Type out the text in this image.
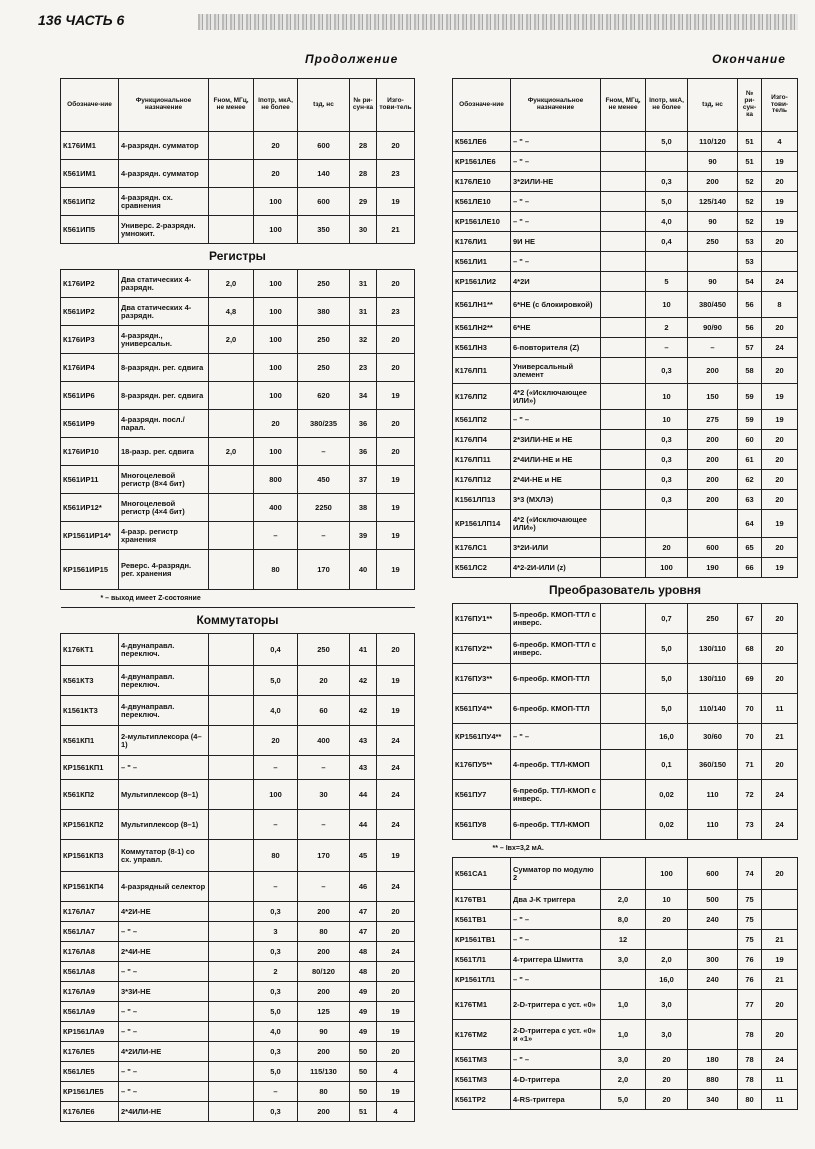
136 ЧАСТЬ 6
Продолжение	Окончание
Обозначе-ние	Функциональное назначение	Fном, МГц, не менее	Iпотр, мкА, не более	tзд, нс	№ ри-сун-ка	Изго-тови-тель
К176ИМ1	4-разрядн. сумматор		20	600	28	20
К561ИМ1	4-разрядн. сумматор		20	140	28	23
К561ИП2	4-разрядн. сх. сравнения		100	600	29	19
К561ИП5	Универс. 2-разрядн. умножит.		100	350	30	21
Регистры						
К176ИР2	Два статических 4-разрядн.	2,0	100	250	31	20
К561ИР2	Два статических 4-разрядн.	4,8	100	380	31	23
К176ИР3	4-разрядн., универсальн.	2,0	100	250	32	20
К176ИР4	8-разрядн. рег. сдвига		100	250	23	20
К561ИР6	8-разрядн. рег. сдвига		100	620	34	19
К561ИР9	4-разрядн. посл./парал.		20	380/235	36	20
К176ИР10	18-разр. рег. сдвига	2,0	100	–	36	20
К561ИР11	Многоцелевой регистр (8×4 бит)		800	450	37	19
К561ИР12*	Многоцелевой регистр (4×4 бит)		400	2250	38	19
КР1561ИР14*	4-разр. регистр хранения		–	–	39	19
КР1561ИР15	Реверс. 4-разрядн. рег. хранения		80	170	40	19
* – выход имеет Z-состояние						
Коммутаторы						
К176КТ1	4-двунаправл. переключ.		0,4	250	41	20
К561КТ3	4-двунаправл. переключ.		5,0	20	42	19
К1561КТ3	4-двунаправл. переключ.		4,0	60	42	19
К561КП1	2-мультиплексора (4–1)		20	400	43	24
КР1561КП1	– " –		–	–	43	24
К561КП2	Мультиплексор (8–1)		100	30	44	24
КР1561КП2	Мультиплексор (8–1)		–	–	44	24
КР1561КП3	Коммутатор (8-1) со сх. управл.		80	170	45	19
КР1561КП4	4-разрядный селектор		–	–	46	24
К176ЛА7	4*2И-НЕ		0,3	200	47	20
К561ЛА7	– " –		3	80	47	20
К176ЛА8	2*4И-НЕ		0,3	200	48	24
К561ЛА8	– " –		2	80/120	48	20
К176ЛА9	3*3И-НЕ		0,3	200	49	20
К561ЛА9	– " –		5,0	125	49	19
КР1561ЛА9	– " –		4,0	90	49	19
К176ЛЕ5	4*2ИЛИ-НЕ		0,3	200	50	20
К561ЛЕ5	– " –		5,0	115/130	50	4
КР1561ЛЕ5	– " –		–	80	50	19
К176ЛЕ6	2*4ИЛИ-НЕ		0,3	200	51	4
Обозначе-ние	Функциональное назначение	Fном, МГц, не менее	Iпотр, мкА, не более	tзд, нс	№ ри-сун-ка	Изго-тови-тель
К561ЛЕ6	– " –		5,0	110/120	51	4
КР1561ЛЕ6	– " –			90	51	19
К176ЛЕ10	3*2ИЛИ-НЕ		0,3	200	52	20
К561ЛЕ10	– " –		5,0	125/140	52	19
КР1561ЛЕ10	– " –		4,0	90	52	19
К176ЛИ1	9И НЕ		0,4	250	53	20
К561ЛИ1	– " –				53	
КР1561ЛИ2	4*2И		5	90	54	24
К561ЛН1**	6*НЕ (с блокировкой)		10	380/450	56	8
К561ЛН2**	6*НЕ		2	90/90	56	20
К561ЛН3	6-повторителя (Z)		–	–	57	24
К176ЛП1	Универсальный элемент		0,3	200	58	20
К176ЛП2	4*2 («Исключающее ИЛИ»)		10	150	59	19
К561ЛП2	– " –		10	275	59	19
К176ЛП4	2*3ИЛИ-НЕ и НЕ		0,3	200	60	20
К176ЛП11	2*4ИЛИ-НЕ и НЕ		0,3	200	61	20
К176ЛП12	2*4И-НЕ и НЕ		0,3	200	62	20
К1561ЛП13	3*3 (МХЛЭ)		0,3	200	63	20
КР1561ЛП14	4*2 («Исключающее ИЛИ»)				64	19
К176ЛС1	3*2И-ИЛИ		20	600	65	20
К561ЛС2	4*2-2И-ИЛИ (z)		100	190	66	19
Преобразователь уровня						
К176ПУ1**	5-преобр. КМОП-ТТЛ с инверс.		0,7	250	67	20
К176ПУ2**	6-преобр. КМОП-ТТЛ с инверс.		5,0	130/110	68	20
К176ПУ3**	6-преобр. КМОП-ТТЛ		5,0	130/110	69	20
К561ПУ4**	6-преобр. КМОП-ТТЛ		5,0	110/140	70	11
КР1561ПУ4**	– " –		16,0	30/60	70	21
К176ПУ5**	4-преобр. ТТЛ-КМОП		0,1	360/150	71	20
К561ПУ7	6-преобр. ТТЛ-КМОП с инверс.		0,02	110	72	24
К561ПУ8	6-преобр. ТТЛ-КМОП		0,02	110	73	24
** – Iвх=3,2 мА.						
К561СА1	Сумматор по модулю 2		100	600	74	20
К176ТВ1	Два J-K триггера	2,0	10	500	75	
К561ТВ1	– " –	8,0	20	240	75	
КР1561ТВ1	– " –	12			75	21
К561ТЛ1	4-триггера Шмитта	3,0	2,0	300	76	19
КР1561ТЛ1	– " –		16,0	240	76	21
К176ТМ1	2-D-триггера с уст. «0»	1,0	3,0		77	20
К176ТМ2	2-D-триггера с уст. «0» и «1»	1,0	3,0		78	20
К561ТМ3	– " –	3,0	20	180	78	24
К561ТМ3	4-D-триггера	2,0	20	880	78	11
К561ТР2	4-RS-триггера	5,0	20	340	80	11
